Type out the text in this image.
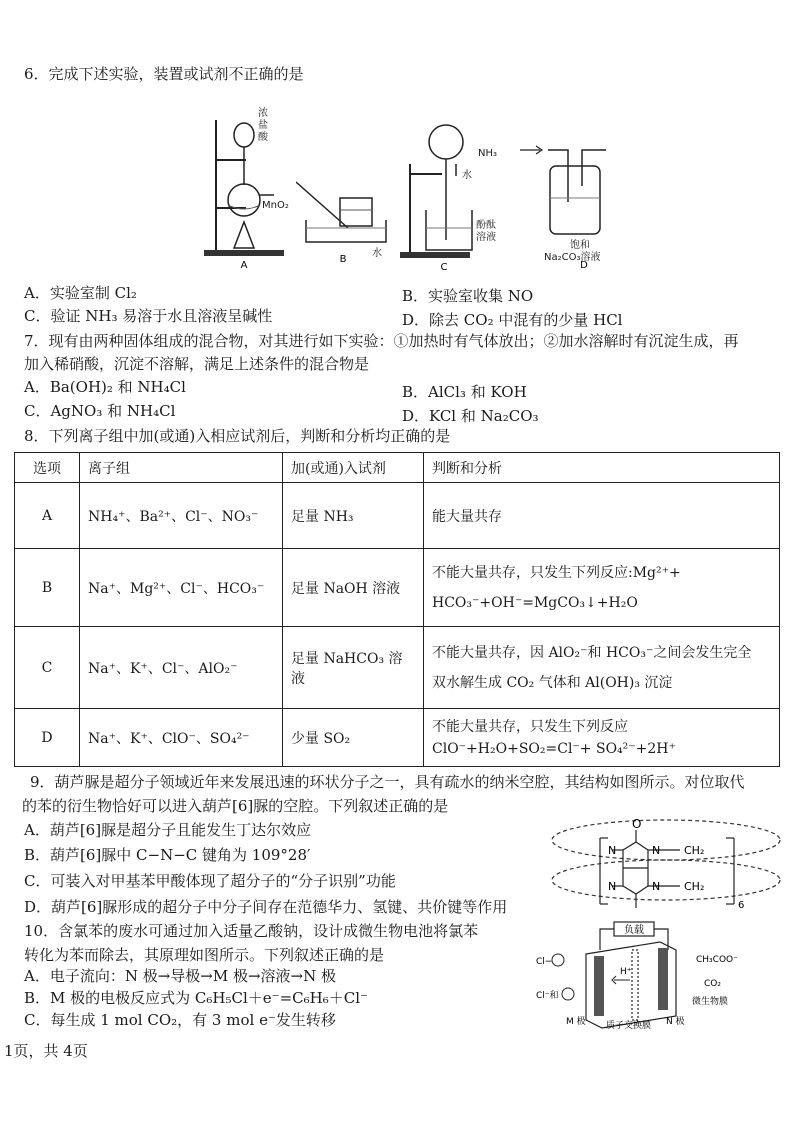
6．完成下述实验，装置或试剂不正确的是
A
浓盐酸
MnO₂
B
水
C
NH₃
水
酚酞溶液
D
饱和
Na₂CO₃溶液
A．实验室制 Cl₂	B．实验室收集 NO
C．验证 NH₃ 易溶于水且溶液呈碱性	D．除去 CO₂ 中混有的少量 HCl
7．现有由两种固体组成的混合物，对其进行如下实验：①加热时有气体放出；②加水溶解时有沉淀生成，再
加入稀硝酸，沉淀不溶解，满足上述条件的混合物是
A．Ba(OH)₂ 和 NH₄Cl	B．AlCl₃ 和 KOH
C．AgNO₃ 和 NH₄Cl	D．KCl 和 Na₂CO₃
8．下列离子组中加(或通)入相应试剂后，判断和分析均正确的是
选项	离子组	加(或通)入试剂	判断和分析
A	NH₄⁺、Ba²⁺、Cl⁻、NO₃⁻	足量 NH₃	能大量共存

B	Na⁺、Mg²⁺、Cl⁻、HCO₃⁻	足量 NaOH 溶液	不能大量共存，只发生下列反应:Mg²⁺+
HCO₃⁻+OH⁻=MgCO₃↓+H₂O

C	Na⁺、K⁺、Cl⁻、AlO₂⁻	足量 NaHCO₃ 溶液	不能大量共存，因 AlO₂⁻和 HCO₃⁻之间会发生完全
双水解生成 CO₂ 气体和 Al(OH)₃ 沉淀

D	Na⁺、K⁺、ClO⁻、SO₄²⁻	少量 SO₂	不能大量共存，只发生下列反应
ClO⁻+H₂O+SO₂=Cl⁻+ SO₄²⁻+2H⁺
9．葫芦脲是超分子领域近年来发展迅速的环状分子之一，具有疏水的纳米空腔，其结构如图所示。对位取代
的苯的衍生物恰好可以进入葫芦[6]脲的空腔。下列叙述正确的是
A．葫芦[6]脲是超分子且能发生丁达尔效应
B．葫芦[6]脲中 C−N−C 键角为 109°28′
C．可装入对甲基苯甲酸体现了超分子的“分子识别”功能
D．葫芦[6]脲形成的超分子中分子间存在范德华力、氢键、共价键等作用
O
N	N
N	N
CH₂
CH₂
6
10．含氯苯的废水可通过加入适量乙酸钠，设计成微生物电池将氯苯
转化为苯而除去，其原理如图所示。下列叙述正确的是
A．电子流向：N 极→导极→M 极→溶液→N 极
B．M 极的电极反应式为 C₆H₅Cl＋e⁻=C₆H₆＋Cl⁻
C．每生成 1 mol CO₂，有 3 mol e⁻发生转移
负载
H⁺
Cl−
Cl⁻和
CH₃COO⁻
CO₂
微生物膜
M 极 质子交换膜 N 极
1页，共 4页
